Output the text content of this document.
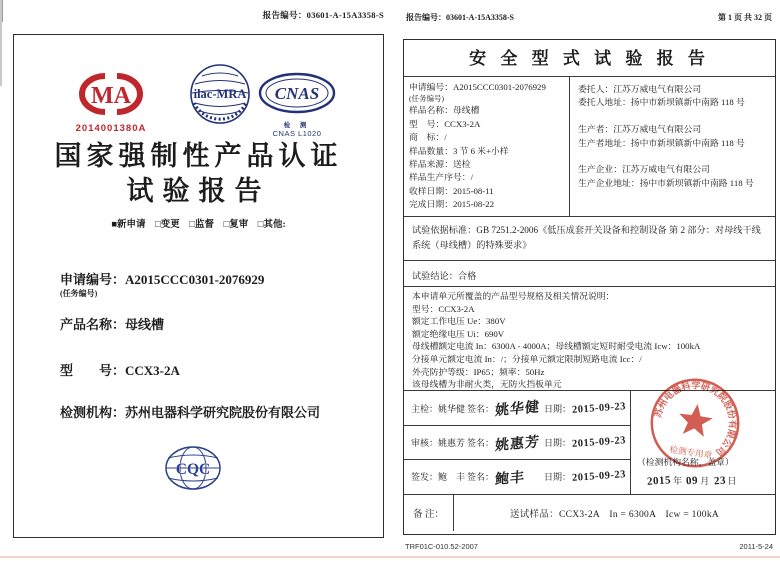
报告编号：03601-A-15A3358-S
MA
2014001380A
ilac-MRA CNAS
检 测
CNAS L1020
国家强制性产品认证
试验报告
■新申请　□变更　□监督　□复审　□其他:
申请编号：A2015CCC0301-2076929
(任务编号)
产品名称：母线槽
型　　号：CCX3-2A
检测机构：苏州电器科学研究院股份有限公司
CQC
报告编号：03601-A-15A3358-S	第 1 页 共 32 页
安 全 型 式 试 验 报 告
申请编号：A2015CCC0301-2076929
(任务编号)
样品名称：母线槽
型　号：CCX3-2A
商　标：/
样品数量：3 节 6 米+小样
样品来源：送检
样品生产序号：/
收样日期：2015-08-11
完成日期：2015-08-22
委托人：江苏万威电气有限公司
委托人地址：扬中市新坝镇新中南路 118 号
生产者：江苏万威电气有限公司
生产者地址：扬中市新坝镇新中南路 118 号
生产企业：江苏万威电气有限公司
生产企业地址：扬中市新坝镇新中南路 118 号
试验依据标准：GB 7251.2-2006《低压成套开关设备和控制设备 第 2 部分：对母线干线系统（母线槽）的特殊要求》
试验结论：合格
本申请单元所覆盖的产品型号规格及相关情况说明：
型号：CCX3-2A
额定工作电压 Ue：380V
额定绝缘电压 Ui：690V
母线槽额定电流 In：6300A - 4000A；母线槽额定短时耐受电流 Icw：100kA
分接单元额定电流 In：/；分接单元额定限制短路电流 Icc：/
外壳防护等级：IP65；频率：50Hz
该母线槽为非耐火类，无防火挡板单元
主检：姚华健 签名： 姚华健 日期： 2015-09-23
审核：姚惠芳 签名： 姚惠芳 日期： 2015-09-23
签发：鲍　丰 签名： 鲍丰	日期： 2015-09-23
苏州电器科学研究院股份有限公司
检测专用章
（检测机构名称，盖章）
2015 年 09 月 23 日
备 注：	送试样品：CCX3-2A　In = 6300A　Icw = 100kA
TRF01C-010.52-2007	2011-5-24
